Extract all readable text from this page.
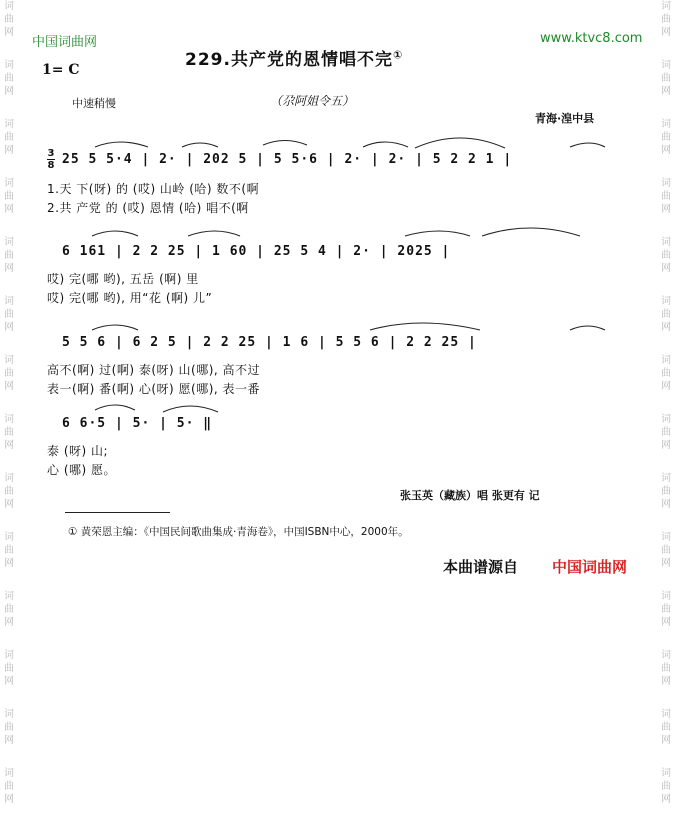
词
曲
网
词
曲
网
词
曲
网
词
曲
网
词
曲
网
词
曲
网
词
曲
网
词
曲
网
词
曲
网
词
曲
网
词
曲
网
词
曲
网
词
曲
网
词
曲
网
词
曲
网
词
曲
网
词
曲
网
词
曲
网
词
曲
网
词
曲
网
词
曲
网
词
曲
网
词
曲
网
词
曲
网
词
曲
网
词
曲
网
词
曲
网
词
曲
网
中国词曲网	www.ktvc8.com
229.共产党的恩情唱不完①
1= C
中速稍慢	（尕阿姐令五）
青海·湟中县
3
8 25 5 5·4 | 2· | 202 5 | 5 5·6 | 2· | 2· | 5 2 2 1 |
1.天 下(呀) 的 (哎) 山岭 (哈) 数不(啊
2.共 产党 的 (哎) 恩情 (哈) 唱不(啊
6 161 | 2 2 25 | 1 60 | 25 5 4 | 2· | 2025 |
哎) 完(哪 哟), 五岳 (啊) 里
哎) 完(哪 哟), 用“花 (啊) 儿”
5 5 6 | 6 2 5 | 2 2 25 | 1 6 | 5 5 6 | 2 2 25 |
高不(啊) 过(啊) 泰(呀) 山(哪), 高不过
表一(啊) 番(啊) 心(呀) 愿(哪), 表一番
6 6·5 | 5· | 5· ‖
泰 (呀) 山;
心 (哪) 愿。
张玉英（藏族）唱 张更有 记
① 黄荣恩主编：《中国民间歌曲集成·青海卷》，中国ISBN中心，2000年。
本曲谱源自 中国词曲网
